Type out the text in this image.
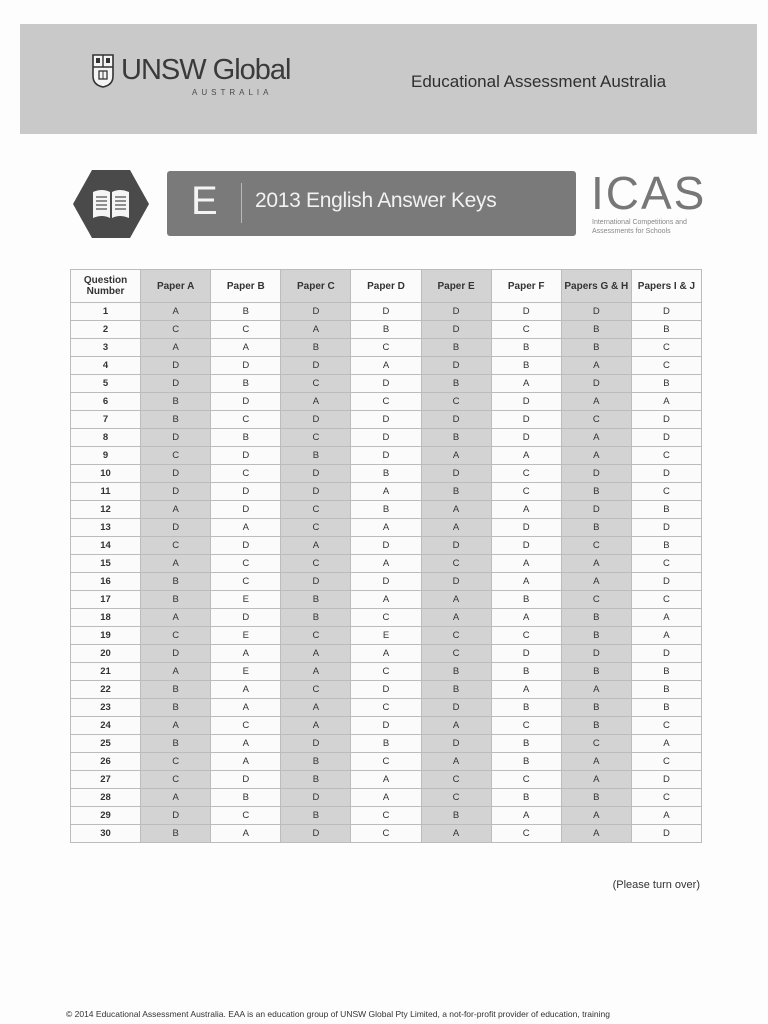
UNSW Global
AUSTRALIA
Educational Assessment Australia
E 2013 English Answer Keys ICAS
International Competitions and Assessments for Schools
Question Number	Paper A	Paper B	Paper C	Paper D	Paper E	Paper F	Papers G & H	Papers I & J
1	A	B	D	D	D	D	D	D
2	C	C	A	B	D	C	B	B
3	A	A	B	C	B	B	B	C
4	D	D	D	A	D	B	A	C
5	D	B	C	D	B	A	D	B
6	B	D	A	C	C	D	A	A
7	B	C	D	D	D	D	C	D
8	D	B	C	D	B	D	A	D
9	C	D	B	D	A	A	A	C
10	D	C	D	B	D	C	D	D
11	D	D	D	A	B	C	B	C
12	A	D	C	B	A	A	D	B
13	D	A	C	A	A	D	B	D
14	C	D	A	D	D	D	C	B
15	A	C	C	A	C	A	A	C
16	B	C	D	D	D	A	A	D
17	B	E	B	A	A	B	C	C
18	A	D	B	C	A	A	B	A
19	C	E	C	E	C	C	B	A
20	D	A	A	A	C	D	D	D
21	A	E	A	C	B	B	B	B
22	B	A	C	D	B	A	A	B
23	B	A	A	C	D	B	B	B
24	A	C	A	D	A	C	B	C
25	B	A	D	B	D	B	C	A
26	C	A	B	C	A	B	A	C
27	C	D	B	A	C	C	A	D
28	A	B	D	A	C	B	B	C
29	D	C	B	C	B	A	A	A
30	B	A	D	C	A	C	A	D
(Please turn over)
© 2014 Educational Assessment Australia. EAA is an education group of UNSW Global Pty Limited, a not-for-profit provider of education, training
